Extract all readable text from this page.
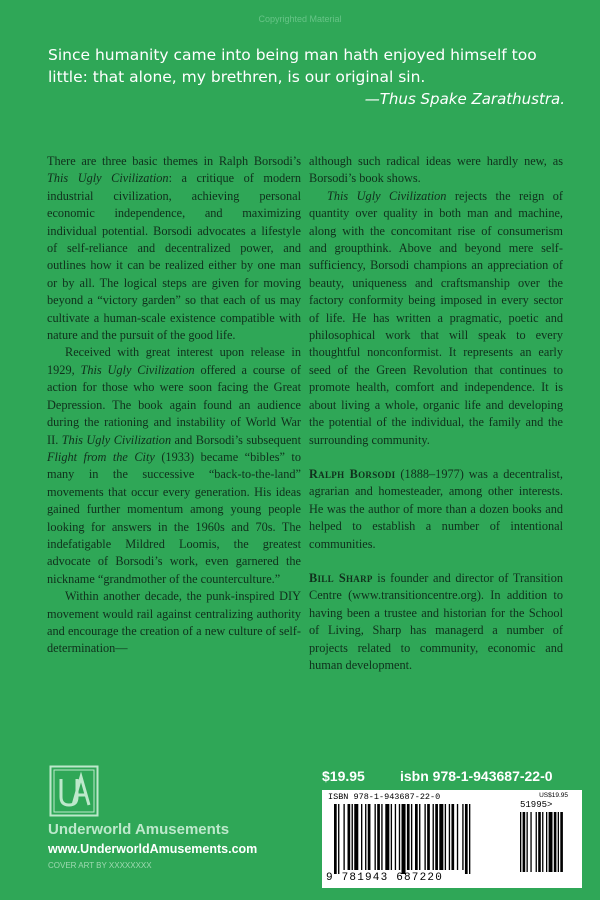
Copyrighted Material
Since humanity came into being man hath enjoyed himself too little: that alone, my brethren, is our original sin.
—Thus Spake Zarathustra.

There are three basic themes in Ralph Borsodi’s This Ugly Civilization: a critique of modern industrial civilization, achieving personal economic independence, and maximizing individual potential. Borsodi advocates a lifestyle of self-reliance and decentralized power, and outlines how it can be realized either by one man or by all. The logical steps are given for moving beyond a “victory garden” so that each of us may cultivate a human-scale existence compatible with nature and the pursuit of the good life.

Received with great interest upon release in 1929, This Ugly Civilization offered a course of action for those who were soon facing the Great Depression. The book again found an audience during the rationing and instability of World War II. This Ugly Civilization and Borsodi’s subsequent Flight from the City (1933) became “bibles” to many in the successive “back-to-the-land” movements that occur every generation. His ideas gained further momentum among young people looking for answers in the 1960s and 70s. The indefatigable Mildred Loomis, the greatest advocate of Borsodi’s work, even garnered the nickname “grandmother of the counterculture.”

Within another decade, the punk-inspired DIY movement would rail against centralizing authority and encourage the creation of a new culture of self-determination—

although such radical ideas were hardly new, as Borsodi’s book shows.

This Ugly Civilization rejects the reign of quantity over quality in both man and machine, along with the concomitant rise of consumerism and groupthink. Above and beyond mere self-sufficiency, Borsodi champions an appreciation of beauty, uniqueness and craftsmanship over the factory conformity being imposed in every sector of life. He has written a pragmatic, poetic and philosophical work that will speak to every thoughtful nonconformist. It represents an early seed of the Green Revolution that continues to promote health, comfort and independence. It is about living a whole, organic life and developing the potential of the individual, the family and the surrounding community.

Ralph Borsodi (1888–1977) was a decentralist, agrarian and homesteader, among other interests. He was the author of more than a dozen books and helped to establish a number of intentional communities.

Bill Sharp is founder and director of Transition Centre (www.transitioncentre.org). In addition to having been a trustee and historian for the School of Living, Sharp has managerd a number of projects related to community, economic and human development.

Underworld Amusements
www.UnderworldAmusements.com
COVER ART BY XXXXXXXX
$19.95	isbn 978-1-943687-22-0
ISBN 978-1-943687-22-0	US$19.95
51995>
9 781943 687220
